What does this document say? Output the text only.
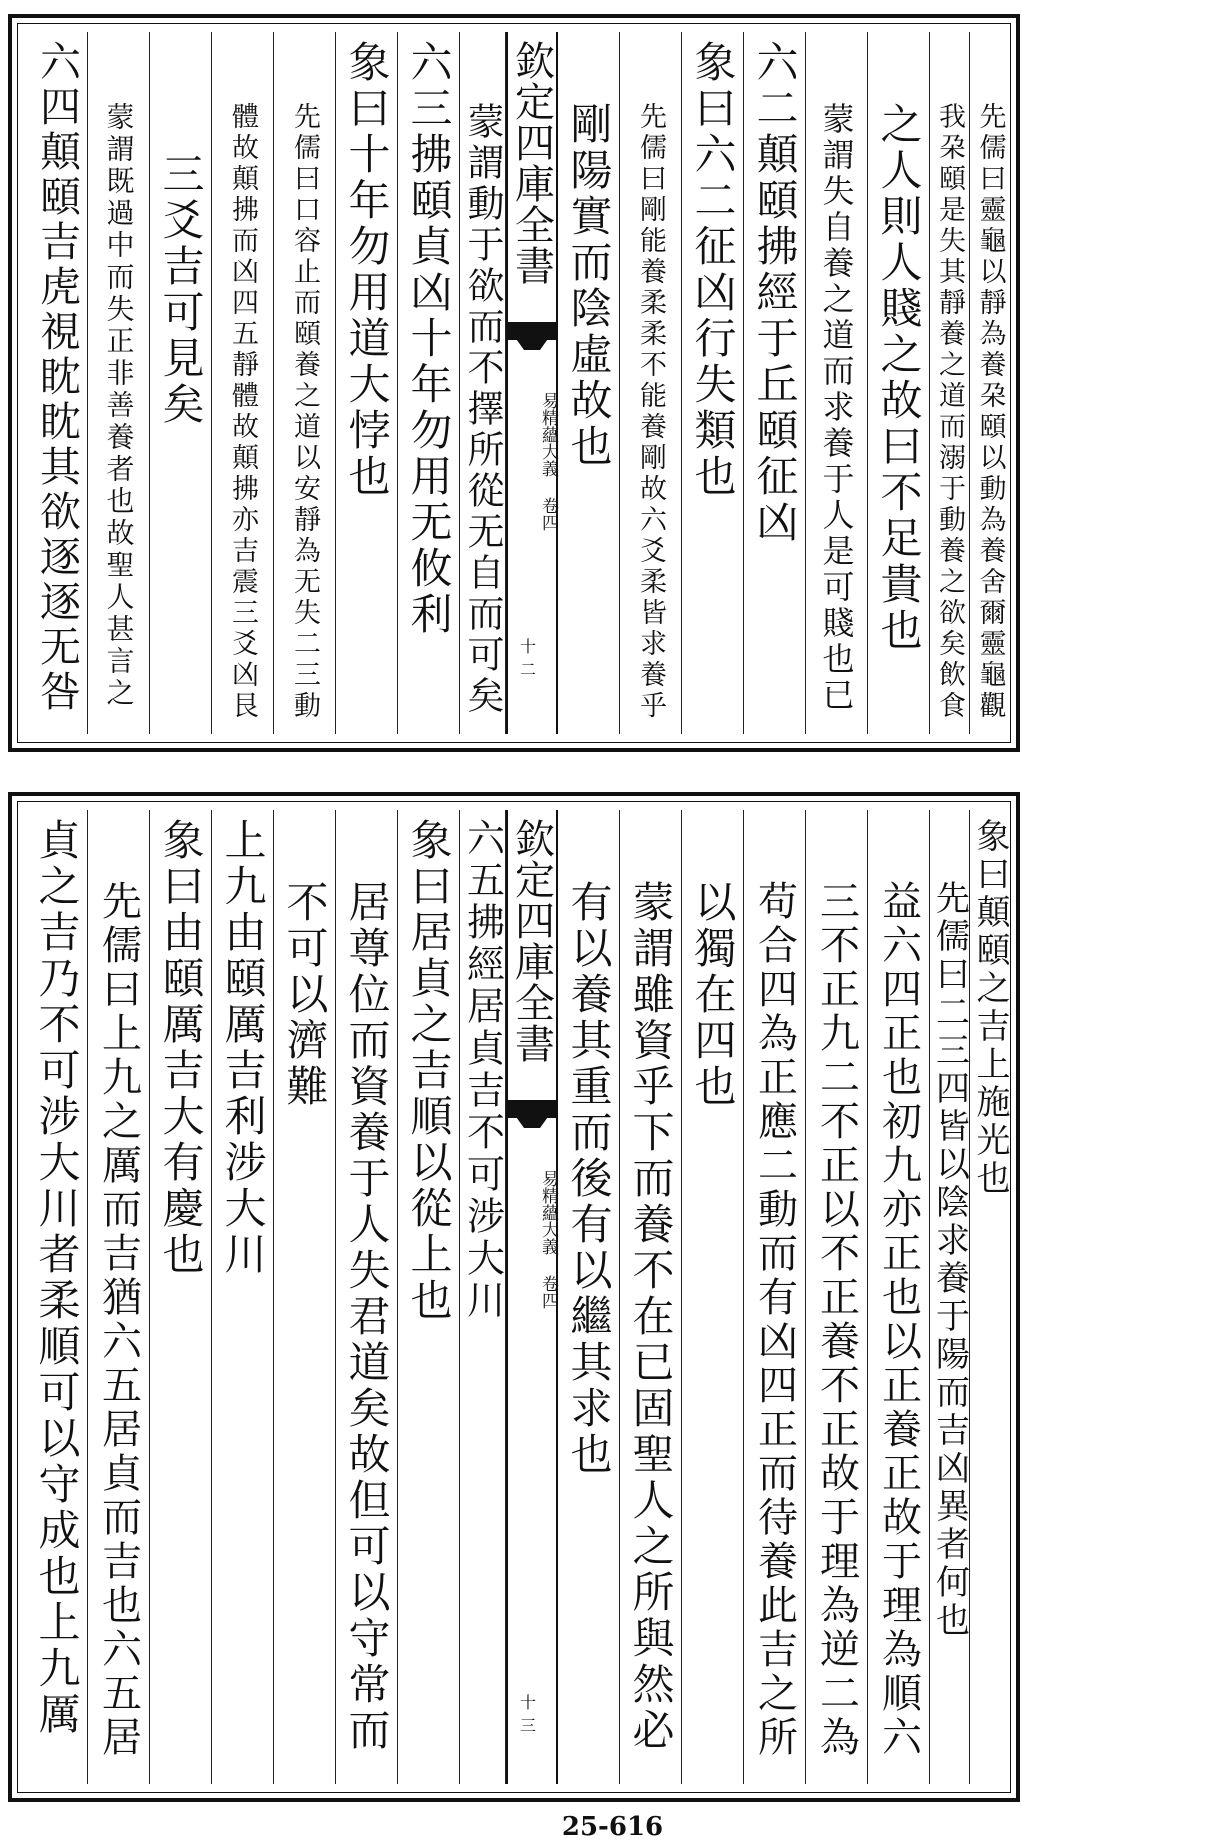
六四顛頤吉虎視眈眈其欲逐逐无咎 蒙謂既過中而失正非善養者也故聖人甚言之 三爻吉可見矣 體故顛拂而凶四五靜體故顛拂亦吉震三爻凶艮 先儒曰口容止而頤養之道以安靜為无失二三動 象曰十年勿用道大悖也 六三拂頤貞凶十年勿用无攸利 蒙謂動于欲而不擇所從无自而可矣 欽定四庫全書
易精蘊大義 卷四
十二
剛陽實而陰虛故也 先儒曰剛能養柔柔不能養剛故六爻柔皆求養乎 象曰六二征凶行失類也 六二顛頤拂經于丘頤征凶 蒙謂失自養之道而求養于人是可賤也已 之人則人賤之故曰不足貴也 我朶頤是失其靜養之道而溺于動養之欲矣飲食 先儒曰靈龜以靜為養朶頤以動為養舍爾靈龜觀
貞之吉乃不可涉大川者柔順可以守成也上九厲 先儒曰上九之厲而吉猶六五居貞而吉也六五居 象曰由頤厲吉大有慶也 上九由頤厲吉利涉大川 不可以濟難 居尊位而資養于人失君道矣故但可以守常而 象曰居貞之吉順以從上也 六五拂經居貞吉不可涉大川 欽定四庫全書
易精蘊大義 卷四
十三
有以養其重而後有以繼其求也 蒙謂雖資乎下而養不在已固聖人之所與然必 以獨在四也 苟合四為正應二動而有凶四正而待養此吉之所 三不正九二不正以不正養不正故于理為逆二為 益六四正也初九亦正也以正養正故于理為順六 先儒曰二三四皆以陰求養于陽而吉凶異者何也 象曰顛頤之吉上施光也
25-616
